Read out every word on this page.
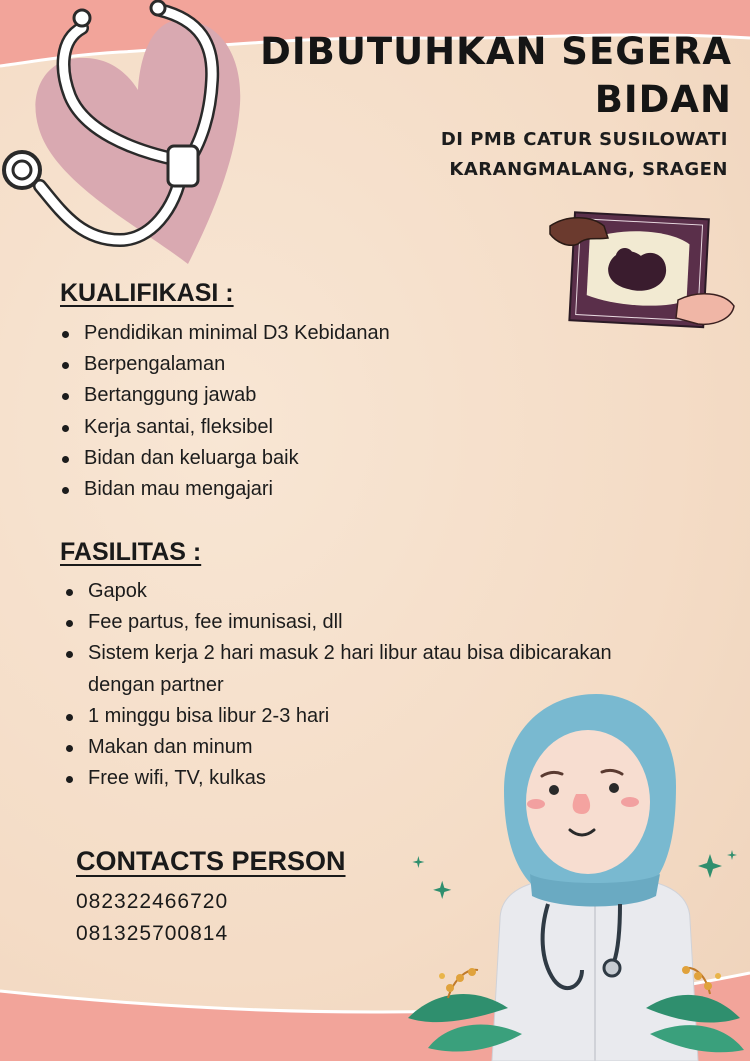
DIBUTUHKAN SEGERA
BIDAN
DI PMB CATUR SUSILOWATI
KARANGMALANG, SRAGEN
KUALIFIKASI :
Pendidikan minimal D3 Kebidanan
Berpengalaman
Bertanggung jawab
Kerja santai, fleksibel
Bidan dan keluarga baik
Bidan mau mengajari
FASILITAS :
Gapok
Fee partus, fee imunisasi, dll
Sistem kerja 2 hari masuk 2 hari libur atau bisa dibicarakan
dengan partner
1 minggu bisa libur 2-3 hari
Makan dan minum
Free wifi, TV, kulkas
CONTACTS PERSON
082322466720
081325700814
